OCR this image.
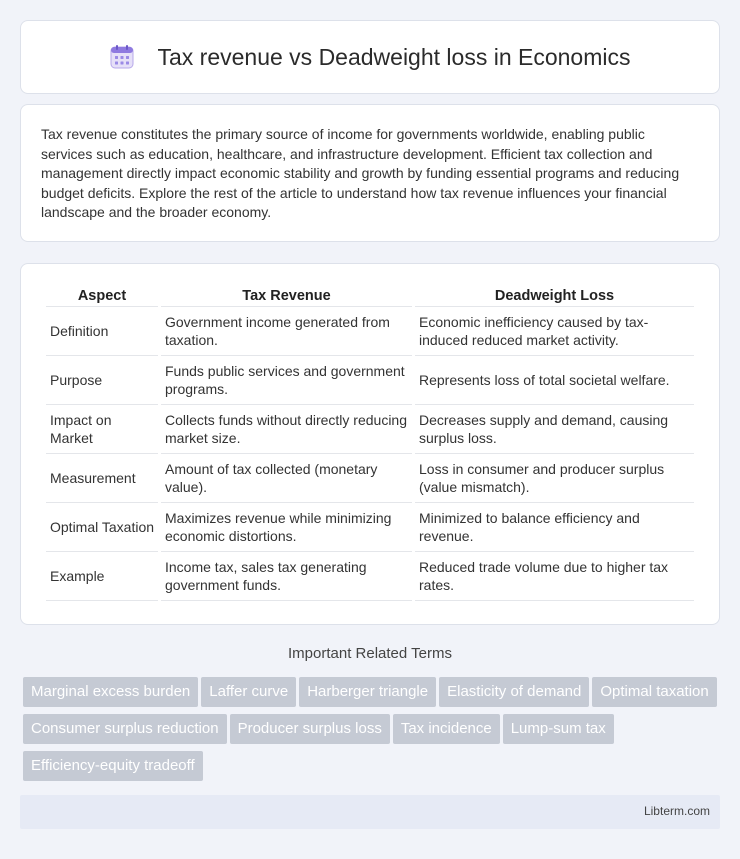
Tax revenue vs Deadweight loss in Economics

Tax revenue constitutes the primary source of income for governments worldwide, enabling public services such as education, healthcare, and infrastructure development. Efficient tax collection and management directly impact economic stability and growth by funding essential programs and reducing budget deficits. Explore the rest of the article to understand how tax revenue influences your financial landscape and the broader economy.

Aspect	Tax Revenue	Deadweight Loss
Definition	Government income generated from taxation.	Economic inefficiency caused by tax-induced reduced market activity.
Purpose	Funds public services and government programs.	Represents loss of total societal welfare.
Impact on Market	Collects funds without directly reducing market size.	Decreases supply and demand, causing surplus loss.
Measurement	Amount of tax collected (monetary value).	Loss in consumer and producer surplus (value mismatch).
Optimal Taxation	Maximizes revenue while minimizing economic distortions.	Minimized to balance efficiency and revenue.
Example	Income tax, sales tax generating government funds.	Reduced trade volume due to higher tax rates.
Important Related Terms
Marginal excess burden Laffer curve Harberger triangle Elasticity of demand Optimal taxationConsumer surplus reduction Producer surplus loss Tax incidence Lump-sum taxEfficiency-equity tradeoff
Libterm.com
